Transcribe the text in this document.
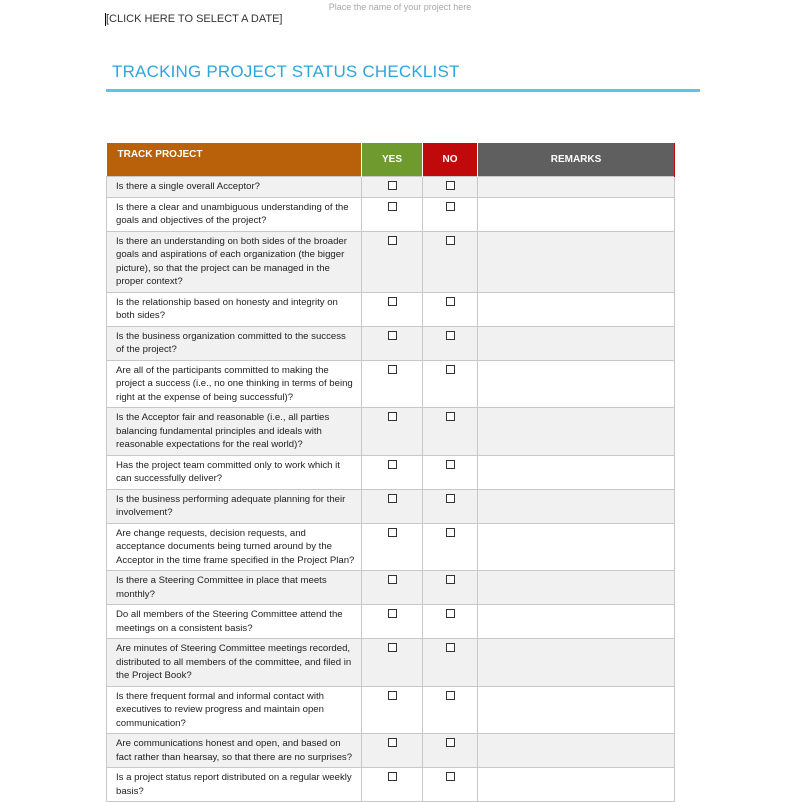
Place the name of your project here
[CLICK HERE TO SELECT A DATE]
TRACKING PROJECT STATUS CHECKLIST
TRACK PROJECT	YES	NO	REMARKS
Is there a single overall Acceptor?			
Is there a clear and unambiguous understanding of the goals and objectives of the project?			
Is there an understanding on both sides of the broader goals and aspirations of each organization (the bigger picture), so that the project can be managed in the proper context?			
Is the relationship based on honesty and integrity on both sides?			
Is the business organization committed to the success of the project?			
Are all of the participants committed to making the project a success (i.e., no one thinking in terms of being right at the expense of being successful)?			
Is the Acceptor fair and reasonable (i.e., all parties balancing fundamental principles and ideals with reasonable expectations for the real world)?			
Has the project team committed only to work which it can successfully deliver?			
Is the business performing adequate planning for their involvement?			
Are change requests, decision requests, and acceptance documents being turned around by the Acceptor in the time frame specified in the Project Plan?			
Is there a Steering Committee in place that meets monthly?			
Do all members of the Steering Committee attend the meetings on a consistent basis?			
Are minutes of Steering Committee meetings recorded, distributed to all members of the committee, and filed in the Project Book?			
Is there frequent formal and informal contact with executives to review progress and maintain open communication?			
Are communications honest and open, and based on fact rather than hearsay, so that there are no surprises?			
Is a project status report distributed on a regular weekly basis?			
